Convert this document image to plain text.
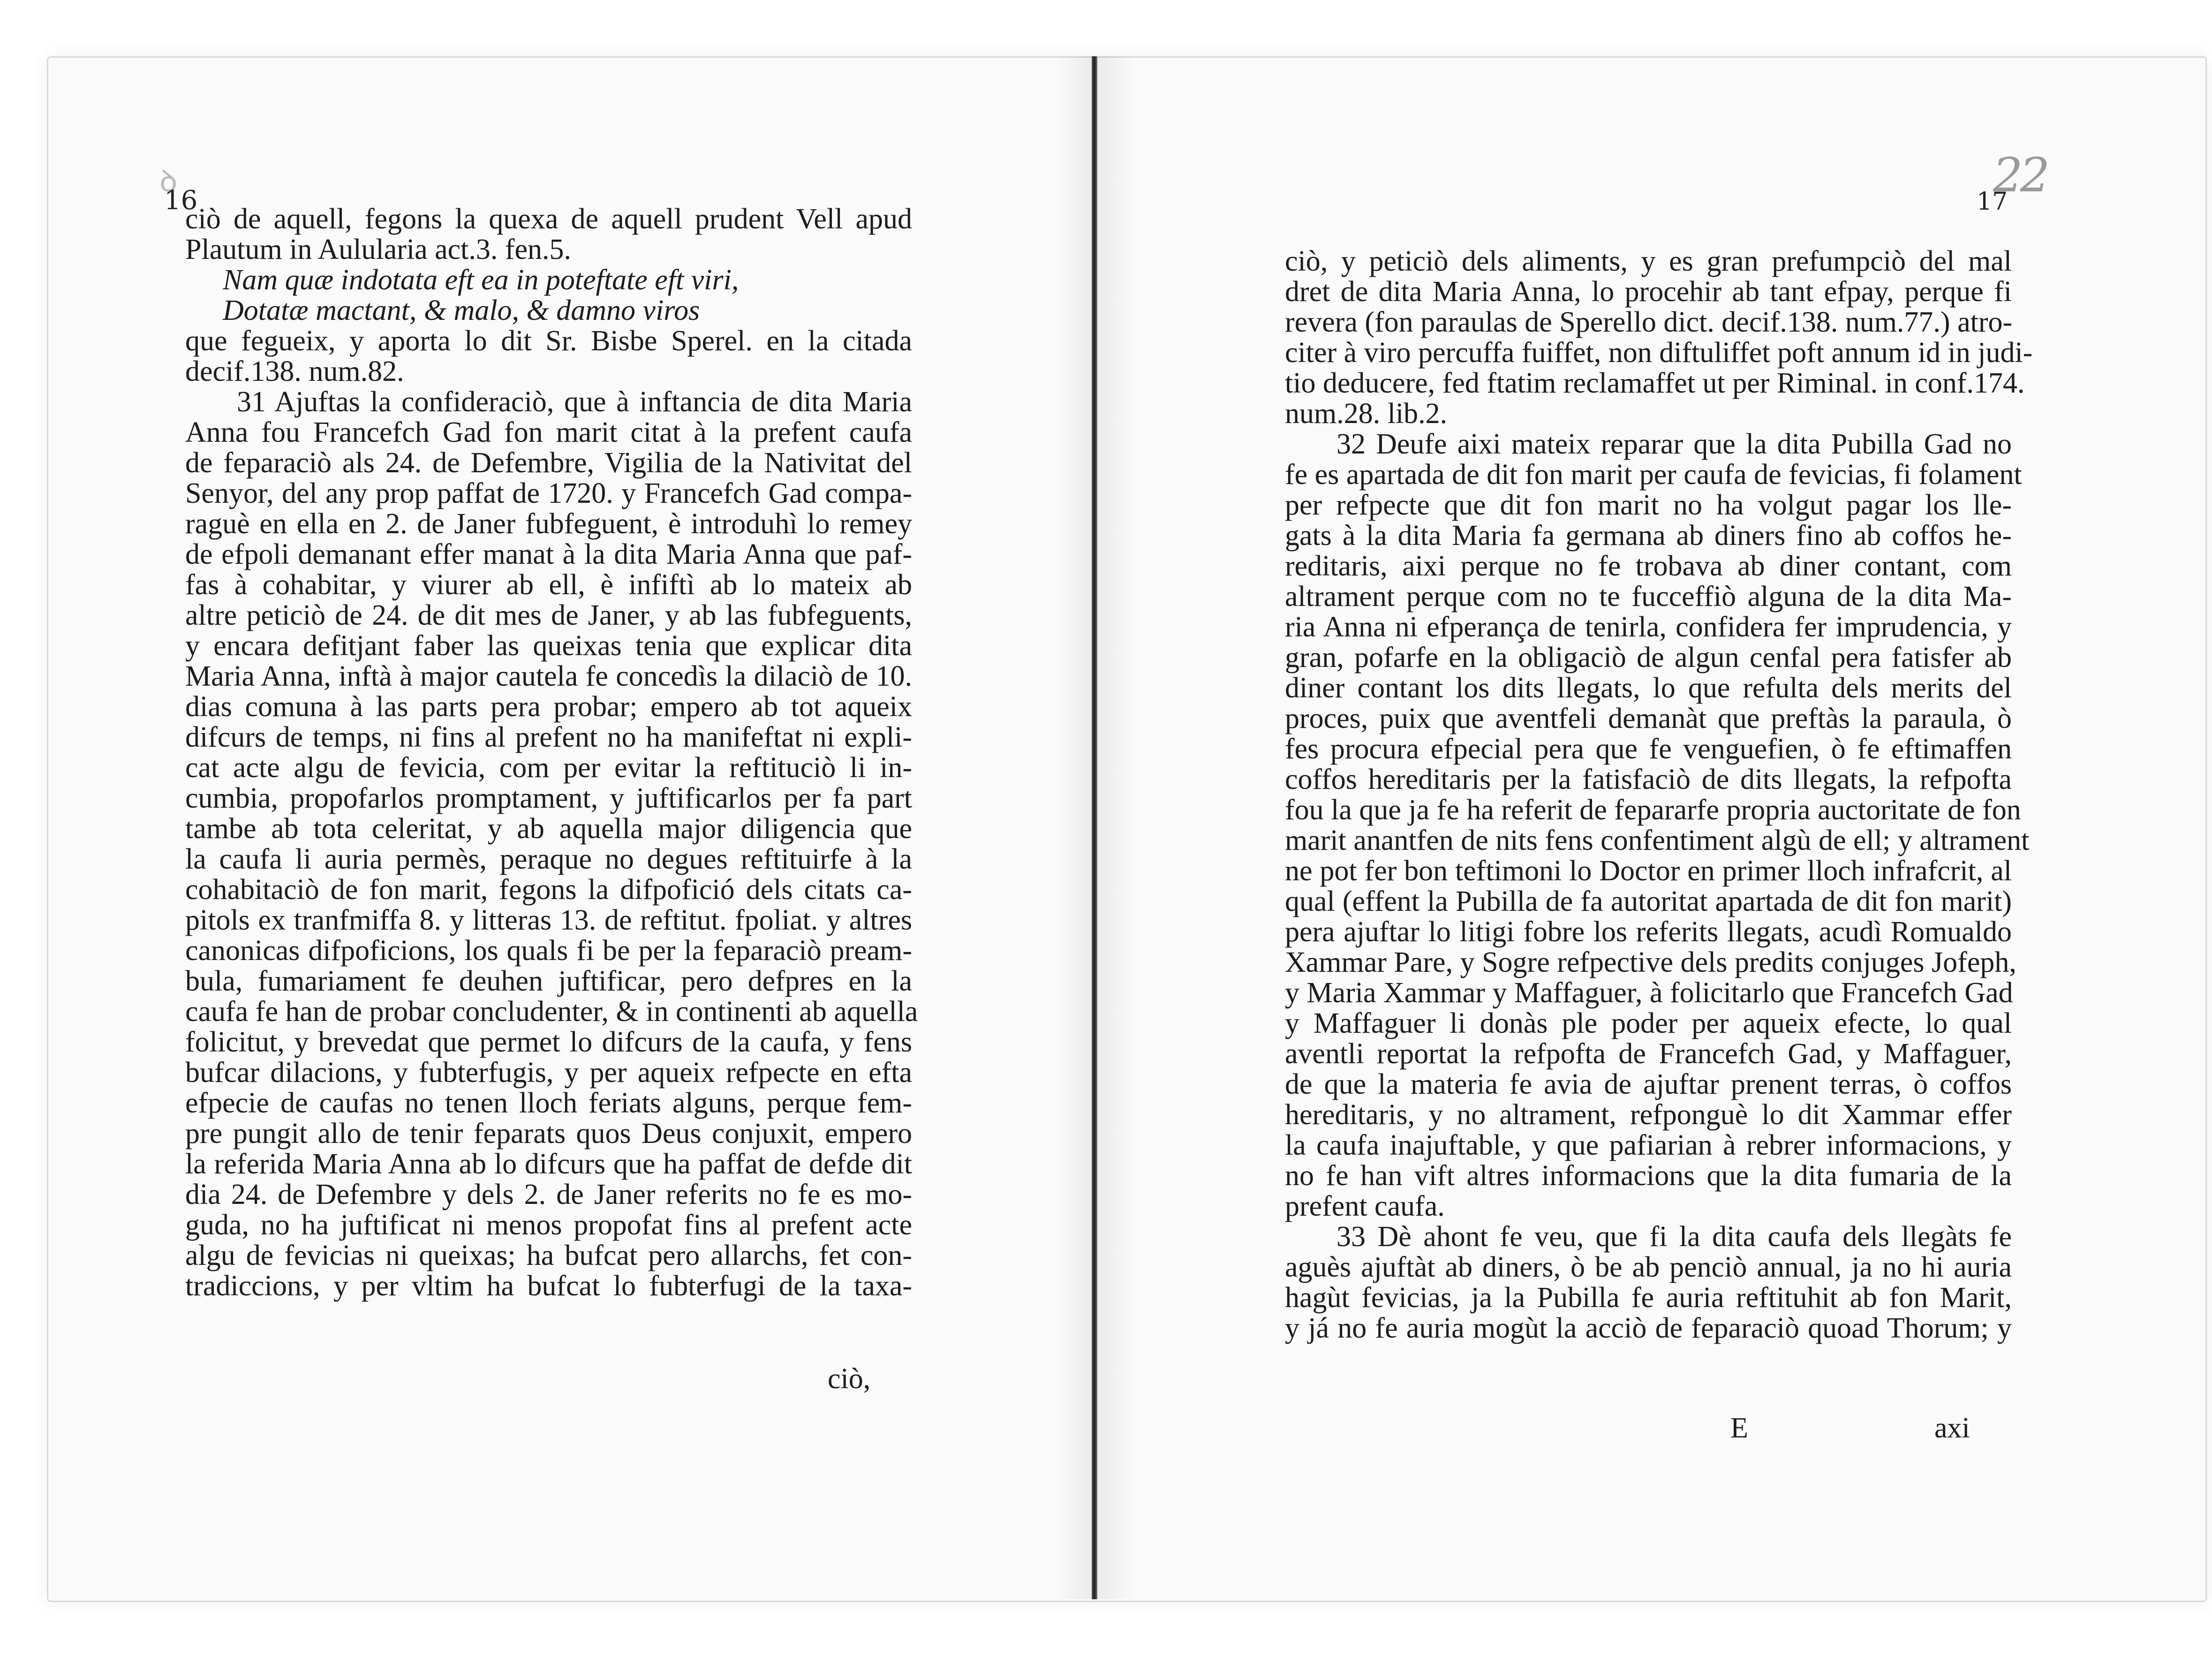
ꝺ
16
ciò de aquell, fegons la quexa de aquell prudent Vell apud
Plautum in Aulularia act.3. fen.5.
Nam quæ indotata eft ea in poteftate eft viri,
Dotatæ mactant, & malo, & damno viros
que fegueix, y aporta lo dit Sr. Bisbe Sperel. en la citada
decif.138. num.82.
31 Ajuftas la confideraciò, que à inftancia de dita Maria
Anna fou Francefch Gad fon marit citat à la prefent caufa
de feparaciò als 24. de Defembre, Vigilia de la Nativitat del
Senyor, del any prop paffat de 1720. y Francefch Gad compa-
raguè en ella en 2. de Janer fubfeguent, è introduhì lo remey
de efpoli demanant effer manat à la dita Maria Anna que paf-
fas à cohabitar, y viurer ab ell, è infiftì ab lo mateix ab
altre peticiò de 24. de dit mes de Janer, y ab las fubfeguents,
y encara defitjant faber las queixas tenia que explicar dita
Maria Anna, inftà à major cautela fe concedìs la dilaciò de 10.
dias comuna à las parts pera probar; empero ab tot aqueix
difcurs de temps, ni fins al prefent no ha manifeftat ni expli-
cat acte algu de fevicia, com per evitar la reftituciò li in-
cumbia, propofarlos promptament, y juftificarlos per fa part
tambe ab tota celeritat, y ab aquella major diligencia que
la caufa li auria permès, peraque no degues reftituirfe à la
cohabitaciò de fon marit, fegons la difpofició dels citats ca-
pitols ex tranfmiffa 8. y litteras 13. de reftitut. fpoliat. y altres
canonicas difpoficions, los quals fi be per la feparaciò pream-
bula, fumariament fe deuhen juftificar, pero defpres en la
caufa fe han de probar concludenter, & in continenti ab aquella
folicitut, y brevedat que permet lo difcurs de la caufa, y fens
bufcar dilacions, y fubterfugis, y per aqueix refpecte en efta
efpecie de caufas no tenen lloch feriats alguns, perque fem-
pre pungit allo de tenir feparats quos Deus conjuxit, empero
la referida Maria Anna ab lo difcurs que ha paffat de defde dit
dia 24. de Defembre y dels 2. de Janer referits no fe es mo-
guda, no ha juftificat ni menos propofat fins al prefent acte
algu de fevicias ni queixas; ha bufcat pero allarchs, fet con-
tradiccions, y per vltim ha bufcat lo fubterfugi de la taxa-
ciò,
17
ciò, y peticiò dels aliments, y es gran prefumpciò del mal
dret de dita Maria Anna, lo procehir ab tant efpay, perque fi
revera (fon paraulas de Sperello dict. decif.138. num.77.) atro-
citer à viro percuffa fuiffet, non diftuliffet poft annum id in judi-
tio deducere, fed ftatim reclamaffet ut per Riminal. in conf.174.
num.28. lib.2.
32 Deufe aixi mateix reparar que la dita Pubilla Gad no
fe es apartada de dit fon marit per caufa de fevicias, fi folament
per refpecte que dit fon marit no ha volgut pagar los lle-
gats à la dita Maria fa germana ab diners fino ab coffos he-
reditaris, aixi perque no fe trobava ab diner contant, com
altrament perque com no te fucceffiò alguna de la dita Ma-
ria Anna ni efperança de tenirla, confidera fer imprudencia, y
gran, pofarfe en la obligaciò de algun cenfal pera fatisfer ab
diner contant los dits llegats, lo que refulta dels merits del
proces, puix que aventfeli demanàt que preftàs la paraula, ò
fes procura efpecial pera que fe venguefien, ò fe eftimaffen
coffos hereditaris per la fatisfaciò de dits llegats, la refpofta
fou la que ja fe ha referit de fepararfe propria auctoritate de fon
marit anantfen de nits fens confentiment algù de ell; y altrament
ne pot fer bon teftimoni lo Doctor en primer lloch infrafcrit, al
qual (effent la Pubilla de fa autoritat apartada de dit fon marit)
pera ajuftar lo litigi fobre los referits llegats, acudì Romualdo
Xammar Pare, y Sogre refpective dels predits conjuges Jofeph,
y Maria Xammar y Maffaguer, à folicitarlo que Francefch Gad
y Maffaguer li donàs ple poder per aqueix efecte, lo qual
aventli reportat la refpofta de Francefch Gad, y Maffaguer,
de que la materia fe avia de ajuftar prenent terras, ò coffos
hereditaris, y no altrament, refponguè lo dit Xammar effer
la caufa inajuftable, y que pafiarian à rebrer informacions, y
no fe han vift altres informacions que la dita fumaria de la
prefent caufa.
33 Dè ahont fe veu, que fi la dita caufa dels llegàts fe
aguès ajuftàt ab diners, ò be ab penciò annual, ja no hi auria
hagùt fevicias, ja la Pubilla fe auria reftituhit ab fon Marit,
y já no fe auria mogùt la acciò de feparaciò quoad Thorum; y
22
E	axi
